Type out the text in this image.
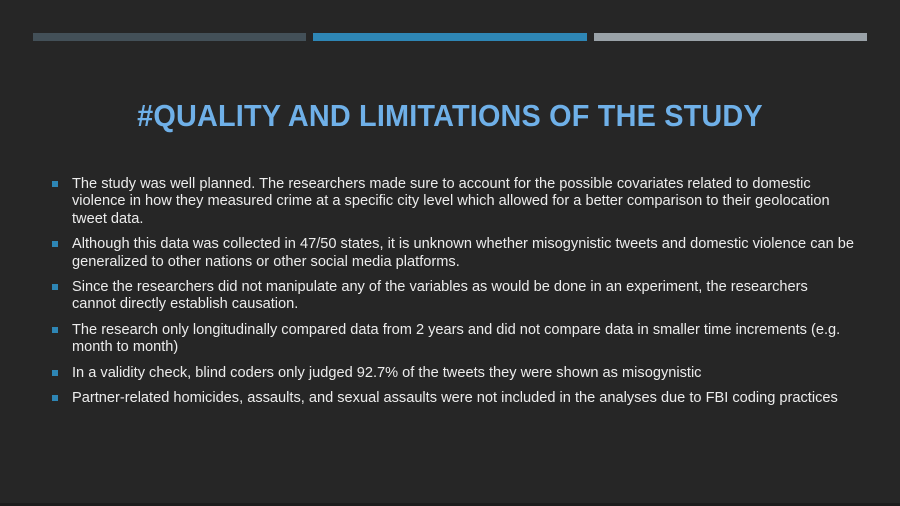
#QUALITY AND LIMITATIONS OF THE STUDY
The study was well planned. The researchers made sure to account for the possible covariates related to domestic violence in how they measured crime at a specific city level which allowed for a better comparison to their geolocation tweet data.
Although this data was collected in 47/50 states, it is unknown whether misogynistic tweets and domestic violence can be generalized to other nations or other social media platforms.
Since the researchers did not manipulate any of the variables as would be done in an experiment, the researchers cannot directly establish causation.
The research only longitudinally compared data from 2 years and did not compare data in smaller time increments (e.g. month to month)
In a validity check, blind coders only judged 92.7% of the tweets they were shown as misogynistic
Partner-related homicides, assaults, and sexual assaults were not included in the analyses due to FBI coding practices
